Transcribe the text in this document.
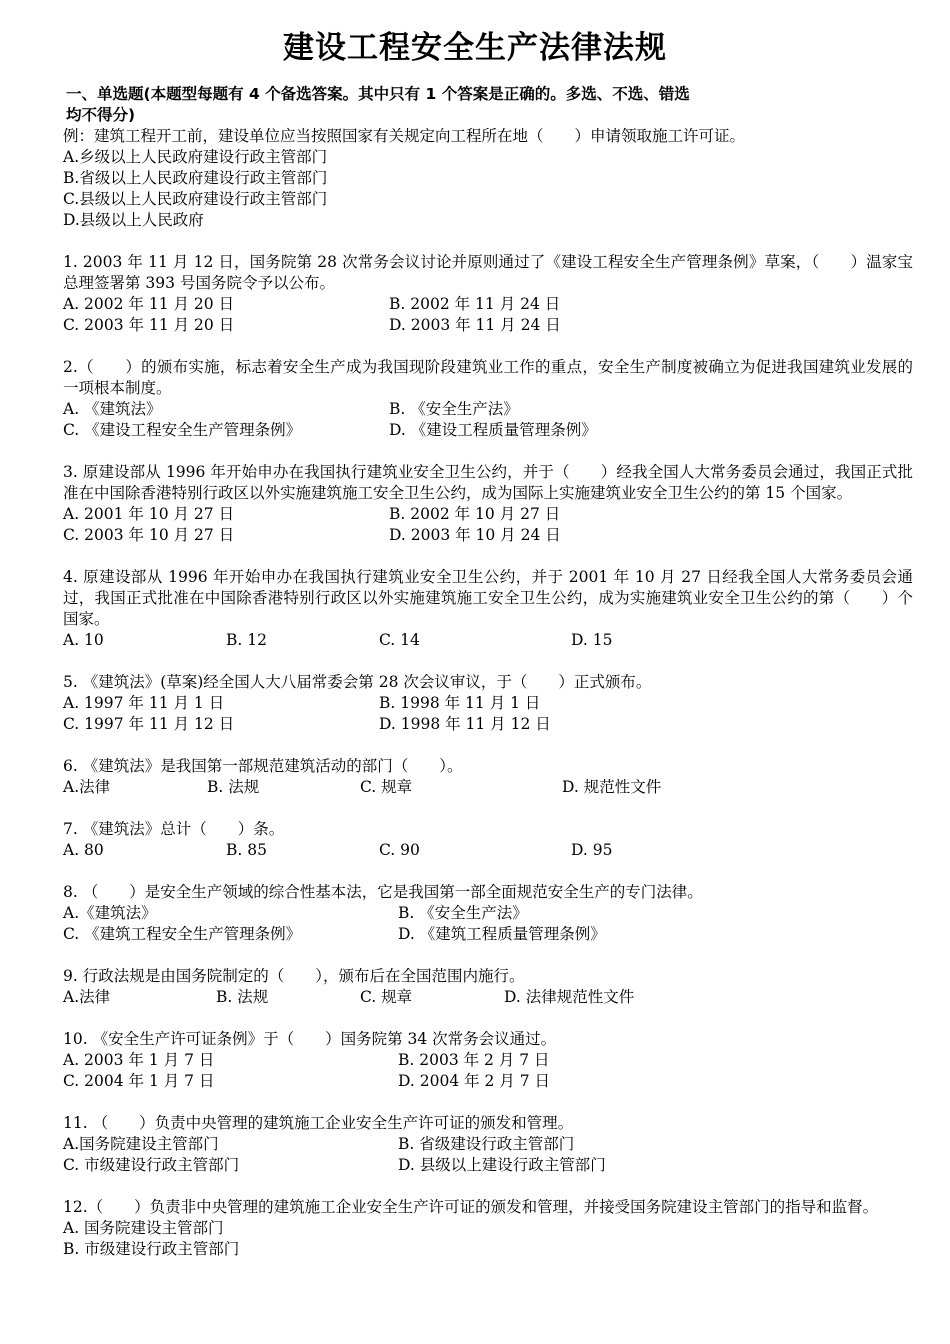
建设工程安全生产法律法规
一、单选题(本题型每题有 4 个备选答案。其中只有 1 个答案是正确的。多选、不选、错选
均不得分)
例：建筑工程开工前，建设单位应当按照国家有关规定向工程所在地（　　）申请领取施工许可证。
A.乡级以上人民政府建设行政主管部门
B.省级以上人民政府建设行政主管部门
C.县级以上人民政府建设行政主管部门
D.县级以上人民政府
1. 2003 年 11 月 12 日，国务院第 28 次常务会议讨论并原则通过了《建设工程安全生产管理条例》草案，（　　）温家宝总理签署第 393 号国务院令予以公布。
A. 2002 年 11 月 20 日	B. 2002 年 11 月 24 日
C. 2003 年 11 月 20 日	D. 2003 年 11 月 24 日
2.（　　）的颁布实施，标志着安全生产成为我国现阶段建筑业工作的重点，安全生产制度被确立为促进我国建筑业发展的一项根本制度。
A. 《建筑法》	B. 《安全生产法》
C. 《建设工程安全生产管理条例》	D. 《建设工程质量管理条例》
3. 原建设部从 1996 年开始申办在我国执行建筑业安全卫生公约，并于（　　）经我全国人大常务委员会通过，我国正式批准在中国除香港特别行政区以外实施建筑施工安全卫生公约，成为国际上实施建筑业安全卫生公约的第 15 个国家。
A. 2001 年 10 月 27 日	B. 2002 年 10 月 27 日
C. 2003 年 10 月 27 日	D. 2003 年 10 月 24 日
4. 原建设部从 1996 年开始申办在我国执行建筑业安全卫生公约，并于 2001 年 10 月 27 日经我全国人大常务委员会通过，我国正式批准在中国除香港特别行政区以外实施建筑施工安全卫生公约，成为实施建筑业安全卫生公约的第（　　）个国家。
A. 10	B. 12	C. 14	D. 15
5. 《建筑法》(草案)经全国人大八届常委会第 28 次会议审议，于（　　）正式颁布。
A. 1997 年 11 月 1 日	B. 1998 年 11 月 1 日
C. 1997 年 11 月 12 日	D. 1998 年 11 月 12 日
6. 《建筑法》是我国第一部规范建筑活动的部门（　　）。
A.法律	B. 法规	C. 规章	D. 规范性文件
7. 《建筑法》总计（　　）条。
A. 80	B. 85	C. 90	D. 95
8. （　　）是安全生产领域的综合性基本法，它是我国第一部全面规范安全生产的专门法律。
A.《建筑法》	B. 《安全生产法》
C. 《建筑工程安全生产管理条例》	D. 《建筑工程质量管理条例》
9. 行政法规是由国务院制定的（　　），颁布后在全国范围内施行。
A.法律	B. 法规	C. 规章	D. 法律规范性文件
10. 《安全生产许可证条例》于（　　）国务院第 34 次常务会议通过。
A. 2003 年 1 月 7 日	B. 2003 年 2 月 7 日
C. 2004 年 1 月 7 日	D. 2004 年 2 月 7 日
11. （　　）负责中央管理的建筑施工企业安全生产许可证的颁发和管理。
A.国务院建设主管部门	B. 省级建设行政主管部门
C. 市级建设行政主管部门	D. 县级以上建设行政主管部门
12.（　　）负责非中央管理的建筑施工企业安全生产许可证的颁发和管理，并接受国务院建设主管部门的指导和监督。
A. 国务院建设主管部门
B. 市级建设行政主管部门
